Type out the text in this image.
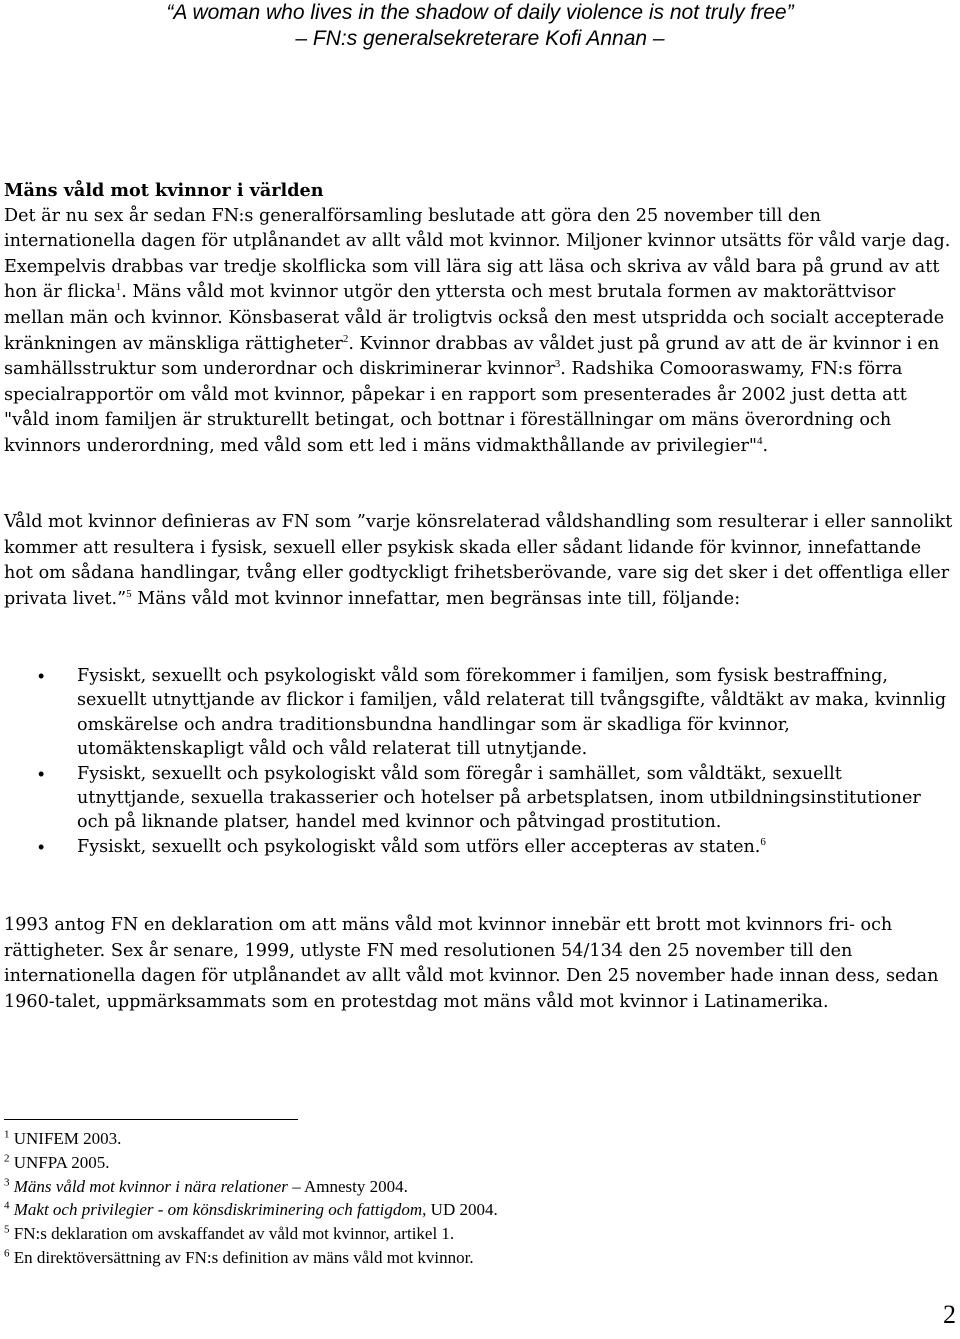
“A woman who lives in the shadow of daily violence is not truly free”
– FN:s generalsekreterare Kofi Annan –
Mäns våld mot kvinnor i världen

Det är nu sex år sedan FN:s generalförsamling beslutade att göra den 25 november till den internationella dagen för utplånandet av allt våld mot kvinnor. Miljoner kvinnor utsätts för våld varje dag. Exempelvis drabbas var tredje skolflicka som vill lära sig att läsa och skriva av våld bara på grund av att hon är flicka$^1$. Mäns våld mot kvinnor utgör den yttersta och mest brutala formen av maktorättvisor mellan män och kvinnor. Könsbaserat våld är troligtvis också den mest utspridda och socialt accepterade kränkningen av mänskliga rättigheter$^2$. Kvinnor drabbas av våldet just på grund av att de är kvinnor i en samhällsstruktur som underordnar och diskriminerar kvinnor$^3$. Radshika Comooraswamy, FN:s förra specialrapportör om våld mot kvinnor, påpekar i en rapport som presenterades år 2002 just detta att "våld inom familjen är strukturellt betingat, och bottnar i föreställningar om mäns överordning och kvinnors underordning, med våld som ett led i mäns vidmakthållande av privilegier"$^4$.

Våld mot kvinnor definieras av FN som ”varje könsrelaterad våldshandling som resulterar i eller sannolikt kommer att resultera i fysisk, sexuell eller psykisk skada eller sådant lidande för kvinnor, innefattande hot om sådana handlingar, tvång eller godtyckligt frihetsberövande, vare sig det sker i det offentliga eller privata livet.”$^5$ Mäns våld mot kvinnor innefattar, men begränsas inte till, följande:

• Fysiskt, sexuellt och psykologiskt våld som förekommer i familjen, som fysisk bestraffning, sexuellt utnyttjande av flickor i familjen, våld relaterat till tvångsgifte, våldtäkt av maka, kvinnlig omskärelse och andra traditionsbundna handlingar som är skadliga för kvinnor, utomäktenskapligt våld och våld relaterat till utnytjande.
• Fysiskt, sexuellt och psykologiskt våld som föregår i samhället, som våldtäkt, sexuellt utnyttjande, sexuella trakasserier och hotelser på arbetsplatsen, inom utbildningsinstitutioner och på liknande platser, handel med kvinnor och påtvingad prostitution.
• Fysiskt, sexuellt och psykologiskt våld som utförs eller accepteras av staten.$^6$

1993 antog FN en deklaration om att mäns våld mot kvinnor innebär ett brott mot kvinnors fri- och rättigheter. Sex år senare, 1999, utlyste FN med resolutionen 54/134 den 25 november till den internationella dagen för utplånandet av allt våld mot kvinnor. Den 25 november hade innan dess, sedan 1960-talet, uppmärksammats som en protestdag mot mäns våld mot kvinnor i Latinamerika.

$^1$ UNIFEM 2003.
$^2$ UNFPA 2005.
$^3$ Mäns våld mot kvinnor i nära relationer – Amnesty 2004.
$^4$ Makt och privilegier - om könsdiskriminering och fattigdom, UD 2004.
$^5$ FN:s deklaration om avskaffandet av våld mot kvinnor, artikel 1.
$^6$ En direktöversättning av FN:s definition av mäns våld mot kvinnor.
2
